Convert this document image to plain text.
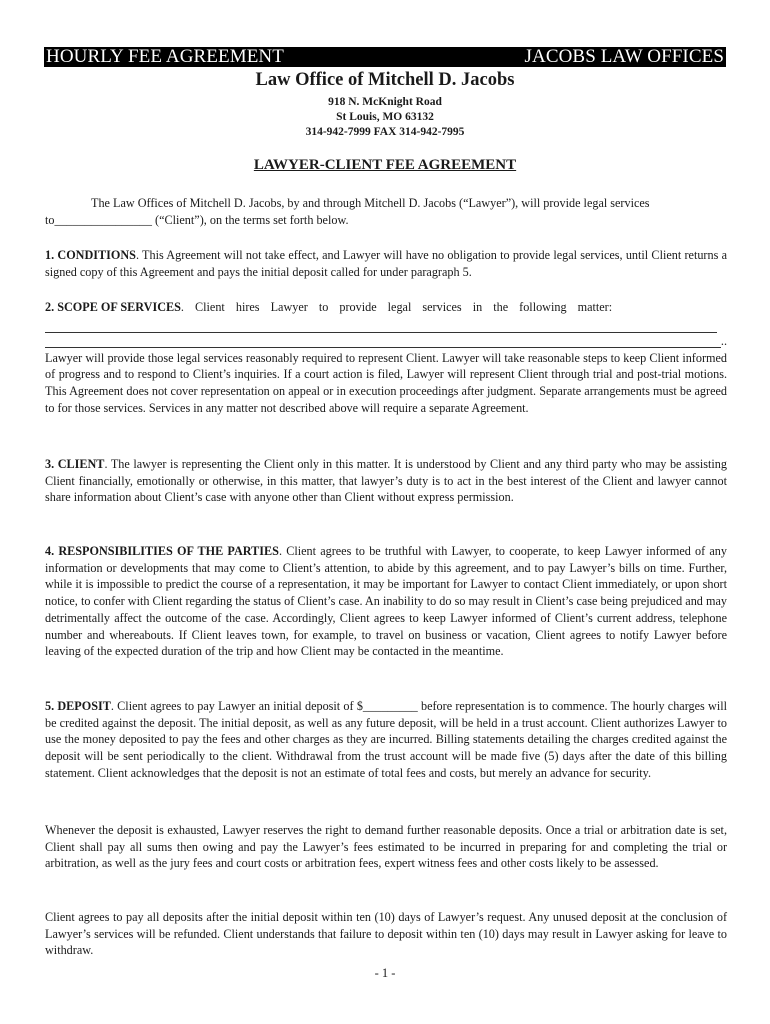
HOURLY FEE AGREEMENT	JACOBS LAW OFFICES
Law Office of Mitchell D. Jacobs
918 N. McKnight Road
St Louis, MO 63132
314-942-7999 FAX 314-942-7995
LAWYER-CLIENT FEE AGREEMENT
The Law Offices of Mitchell D. Jacobs, by and through Mitchell D. Jacobs (“Lawyer”), will provide legal services
to________________ (“Client”), on the terms set forth below.
1. CONDITIONS. This Agreement will not take effect, and Lawyer will have no obligation to provide legal services, until Client returns a signed copy of this Agreement and pays the initial deposit called for under paragraph 5.
2. SCOPE OF SERVICES. Client hires Lawyer to provide legal services in the following matter:
..
Lawyer will provide those legal services reasonably required to represent Client. Lawyer will take reasonable steps to keep Client informed of progress and to respond to Client’s inquiries. If a court action is filed, Lawyer will represent Client through trial and post-trial motions. This Agreement does not cover representation on appeal or in execution proceedings after judgment. Separate arrangements must be agreed to for those services. Services in any matter not described above will require a separate Agreement.
3. CLIENT. The lawyer is representing the Client only in this matter. It is understood by Client and any third party who may be assisting Client financially, emotionally or otherwise, in this matter, that lawyer’s duty is to act in the best interest of the Client and lawyer cannot share information about Client’s case with anyone other than Client without express permission.
4. RESPONSIBILITIES OF THE PARTIES. Client agrees to be truthful with Lawyer, to cooperate, to keep Lawyer informed of any information or developments that may come to Client’s attention, to abide by this agreement, and to pay Lawyer’s bills on time. Further, while it is impossible to predict the course of a representation, it may be important for Lawyer to contact Client immediately, or upon short notice, to confer with Client regarding the status of Client’s case. An inability to do so may result in Client’s case being prejudiced and may detrimentally affect the outcome of the case. Accordingly, Client agrees to keep Lawyer informed of Client’s current address, telephone number and whereabouts. If Client leaves town, for example, to travel on business or vacation, Client agrees to notify Lawyer before leaving of the expected duration of the trip and how Client may be contacted in the meantime.
5. DEPOSIT. Client agrees to pay Lawyer an initial deposit of $_________ before representation is to commence. The hourly charges will be credited against the deposit. The initial deposit, as well as any future deposit, will be held in a trust account. Client authorizes Lawyer to use the money deposited to pay the fees and other charges as they are incurred. Billing statements detailing the charges credited against the deposit will be sent periodically to the client. Withdrawal from the trust account will be made five (5) days after the date of this billing statement. Client acknowledges that the deposit is not an estimate of total fees and costs, but merely an advance for security.
Whenever the deposit is exhausted, Lawyer reserves the right to demand further reasonable deposits. Once a trial or arbitration date is set, Client shall pay all sums then owing and pay the Lawyer’s fees estimated to be incurred in preparing for and completing the trial or arbitration, as well as the jury fees and court costs or arbitration fees, expert witness fees and other costs likely to be assessed.
Client agrees to pay all deposits after the initial deposit within ten (10) days of Lawyer’s request. Any unused deposit at the conclusion of Lawyer’s services will be refunded. Client understands that failure to deposit within ten (10) days may result in Lawyer asking for leave to withdraw.
- 1 -
